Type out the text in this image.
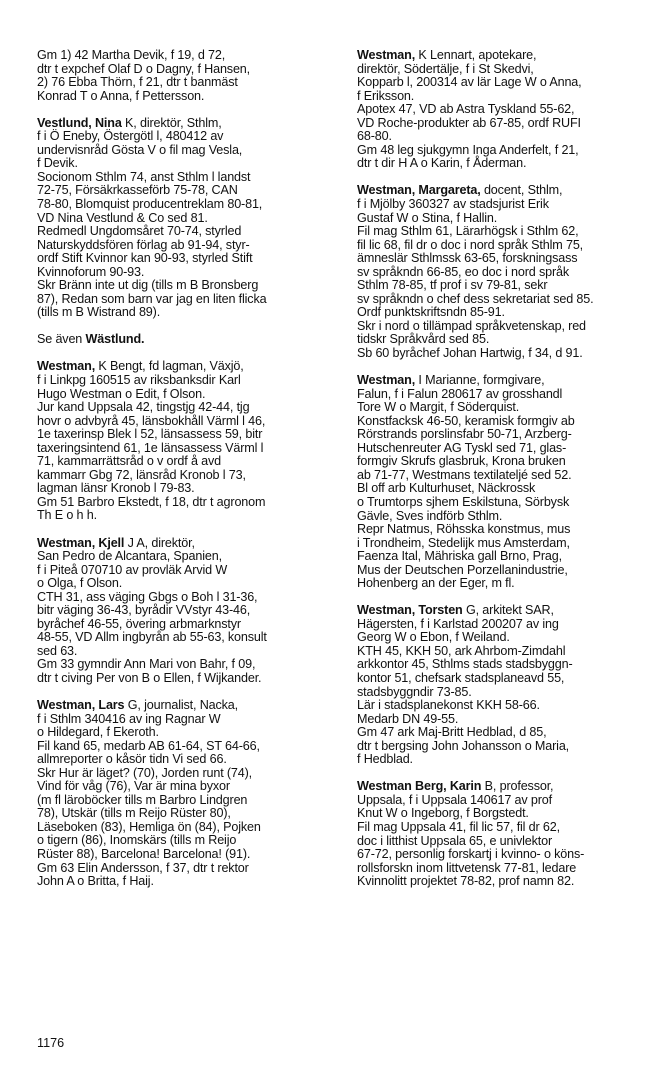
Gm 1) 42 Martha Devik, f 19, d 72,
dtr t expchef Olaf D o Dagny, f Hansen,
2) 76 Ebba Thörn, f 21, dtr t banmäst
Konrad T o Anna, f Pettersson.
Vestlund, Nina K, direktör, Sthlm,
f i Ö Eneby, Östergötl l, 480412 av
undervisnråd Gösta V o fil mag Vesla,
f Devik.
Socionom Sthlm 74, anst Sthlm l landst
72-75, Försäkrkasseförb 75-78, CAN
78-80, Blomquist producentreklam 80-81,
VD Nina Vestlund & Co sed 81.
Redmedl Ungdomsåret 70-74, styrled
Naturskyddsfören förlag ab 91-94, styr-
ordf Stift Kvinnor kan 90-93, styrled Stift
Kvinnoforum 90-93.
Skr Bränn inte ut dig (tills m B Bronsberg
87), Redan som barn var jag en liten flicka
(tills m B Wistrand 89).
Se även Wästlund.
Westman, K Bengt, fd lagman, Växjö,
f i Linkpg 160515 av riksbanksdir Karl
Hugo Westman o Edit, f Olson.
Jur kand Uppsala 42, tingstjg 42-44, tjg
hovr o advbyrå 45, länsbokhåll Värml l 46,
1e taxerinsp Blek l 52, länsassess 59, bitr
taxeringsintend 61, 1e länsassess Värml l
71, kammarrättsråd o v ordf å avd
kammarr Gbg 72, länsråd Kronob l 73,
lagman länsr Kronob l 79-83.
Gm 51 Barbro Ekstedt, f 18, dtr t agronom
Th E o h h.
Westman, Kjell J A, direktör,
San Pedro de Alcantara, Spanien,
f i Piteå 070710 av provläk Arvid W
o Olga, f Olson.
CTH 31, ass väging Gbgs o Boh l 31-36,
bitr väging 36-43, byrådir VVstyr 43-46,
byråchef 46-55, övering arbmarknstyr
48-55, VD Allm ingbyrån ab 55-63, konsult
sed 63.
Gm 33 gymndir Ann Mari von Bahr, f 09,
dtr t civing Per von B o Ellen, f Wijkander.
Westman, Lars G, journalist, Nacka,
f i Sthlm 340416 av ing Ragnar W
o Hildegard, f Ekeroth.
Fil kand 65, medarb AB 61-64, ST 64-66,
allmreporter o kåsör tidn Vi sed 66.
Skr Hur är läget? (70), Jorden runt (74),
Vind för våg (76), Var är mina byxor
(m fl läroböcker tills m Barbro Lindgren
78), Utskär (tills m Reijo Rüster 80),
Läseboken (83), Hemliga ön (84), Pojken
o tigern (86), Inomskärs (tills m Reijo
Rüster 88), Barcelona! Barcelona! (91).
Gm 63 Elin Andersson, f 37, dtr t rektor
John A o Britta, f Haij.
Westman, K Lennart, apotekare,
direktör, Södertälje, f i St Skedvi,
Kopparb l, 200314 av lär Lage W o Anna,
f Eriksson.
Apotex 47, VD ab Astra Tyskland 55-62,
VD Roche-produkter ab 67-85, ordf RUFI
68-80.
Gm 48 leg sjukgymn Inga Anderfelt, f 21,
dtr t dir H A o Karin, f Åderman.
Westman, Margareta, docent, Sthlm,
f i Mjölby 360327 av stadsjurist Erik
Gustaf W o Stina, f Hallin.
Fil mag Sthlm 61, Lärarhögsk i Sthlm 62,
fil lic 68, fil dr o doc i nord språk Sthlm 75,
ämneslär Sthlmssk 63-65, forskningsass
sv språkndn 66-85, eo doc i nord språk
Sthlm 78-85, tf prof i sv 79-81, sekr
sv språkndn o chef dess sekretariat sed 85.
Ordf punktskriftsndn 85-91.
Skr i nord o tillämpad språkvetenskap, red
tidskr Språkvård sed 85.
Sb 60 byråchef Johan Hartwig, f 34, d 91.
Westman, I Marianne, formgivare,
Falun, f i Falun 280617 av grosshandl
Tore W o Margit, f Söderquist.
Konstfacksk 46-50, keramisk formgiv ab
Rörstrands porslinsfabr 50-71, Arzberg-
Hutschenreuter AG Tyskl sed 71, glas-
formgiv Skrufs glasbruk, Krona bruken
ab 71-77, Westmans textilateljé sed 52.
Bl off arb Kulturhuset, Näckrossk
o Trumtorps sjhem Eskilstuna, Sörbysk
Gävle, Sves indförb Sthlm.
Repr Natmus, Röhsska konstmus, mus
i Trondheim, Stedelijk mus Amsterdam,
Faenza Ital, Mähriska gall Brno, Prag,
Mus der Deutschen Porzellanindustrie,
Hohenberg an der Eger, m fl.
Westman, Torsten G, arkitekt SAR,
Hägersten, f i Karlstad 200207 av ing
Georg W o Ebon, f Weiland.
KTH 45, KKH 50, ark Ahrbom-Zimdahl
arkkontor 45, Sthlms stads stadsbyggn-
kontor 51, chefsark stadsplaneavd 55,
stadsbyggndir 73-85.
Lär i stadsplanekonst KKH 58-66.
Medarb DN 49-55.
Gm 47 ark Maj-Britt Hedblad, d 85,
dtr t bergsing John Johansson o Maria,
f Hedblad.
Westman Berg, Karin B, professor,
Uppsala, f i Uppsala 140617 av prof
Knut W o Ingeborg, f Borgstedt.
Fil mag Uppsala 41, fil lic 57, fil dr 62,
doc i litthist Uppsala 65, e univlektor
67-72, personlig forskartj i kvinno- o köns-
rollsforskn inom littvetensk 77-81, ledare
Kvinnolitt projektet 78-82, prof namn 82.
1176
